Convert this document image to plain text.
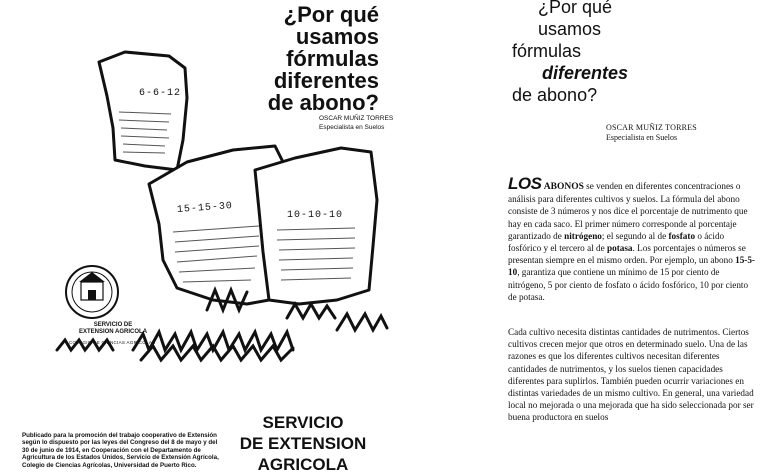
¿Por qué
usamos
fórmulas
diferentes
de abono?
OSCAR MUÑIZ TORRES
Especialista en Suelos
6-6-12
15-15-30	10-10-10
SERVICIO DE
EXTENSION AGRICOLA
COLEGIO DE CIENCIAS AGRICOLAS
Publicado para la promoción del trabajo cooperativo de Extensión según lo dispuesto por las leyes del Congreso del 8 de mayo y del 30 de junio de 1914, en Cooperación con el Departamento de Agricultura de los Estados Unidos, Servicio de Extensión Agrícola, Colegio de Ciencias Agrícolas, Universidad de Puerto Rico.
SERVICIO
DE EXTENSION
AGRICOLA
¿Por qué
usamos
fórmulas
diferentes
de abono?
OSCAR MUÑIZ TORRES
Especialista en Suelos
LOS ABONOS se venden en diferentes concentraciones o análisis para diferentes cultivos y suelos. La fórmula del abono consiste de 3 números y nos dice el porcentaje de nutrimento que hay en cada saco. El primer número corresponde al porcentaje garantizado de nitrógeno; el segundo al de fosfato o ácido fosfórico y el tercero al de potasa. Los porcentajes o números se presentan siempre en el mismo orden. Por ejemplo, un abono 15-5-10, garantiza que contiene un mínimo de 15 por ciento de nitrógeno, 5 por ciento de fosfato o ácido fosfórico, 10 por ciento de potasa.
Cada cultivo necesita distintas cantidades de nutrimentos. Ciertos cultivos crecen mejor que otros en determinado suelo. Una de las razones es que los diferentes cultivos necesitan diferentes cantidades de nutrimentos, y los suelos tienen capacidades diferentes para suplirlos. También pueden ocurrir variaciones en distintas variedades de un mismo cultivo. En general, una variedad local no mejorada o una mejorada que ha sido seleccionada por ser buena productora en suelos
